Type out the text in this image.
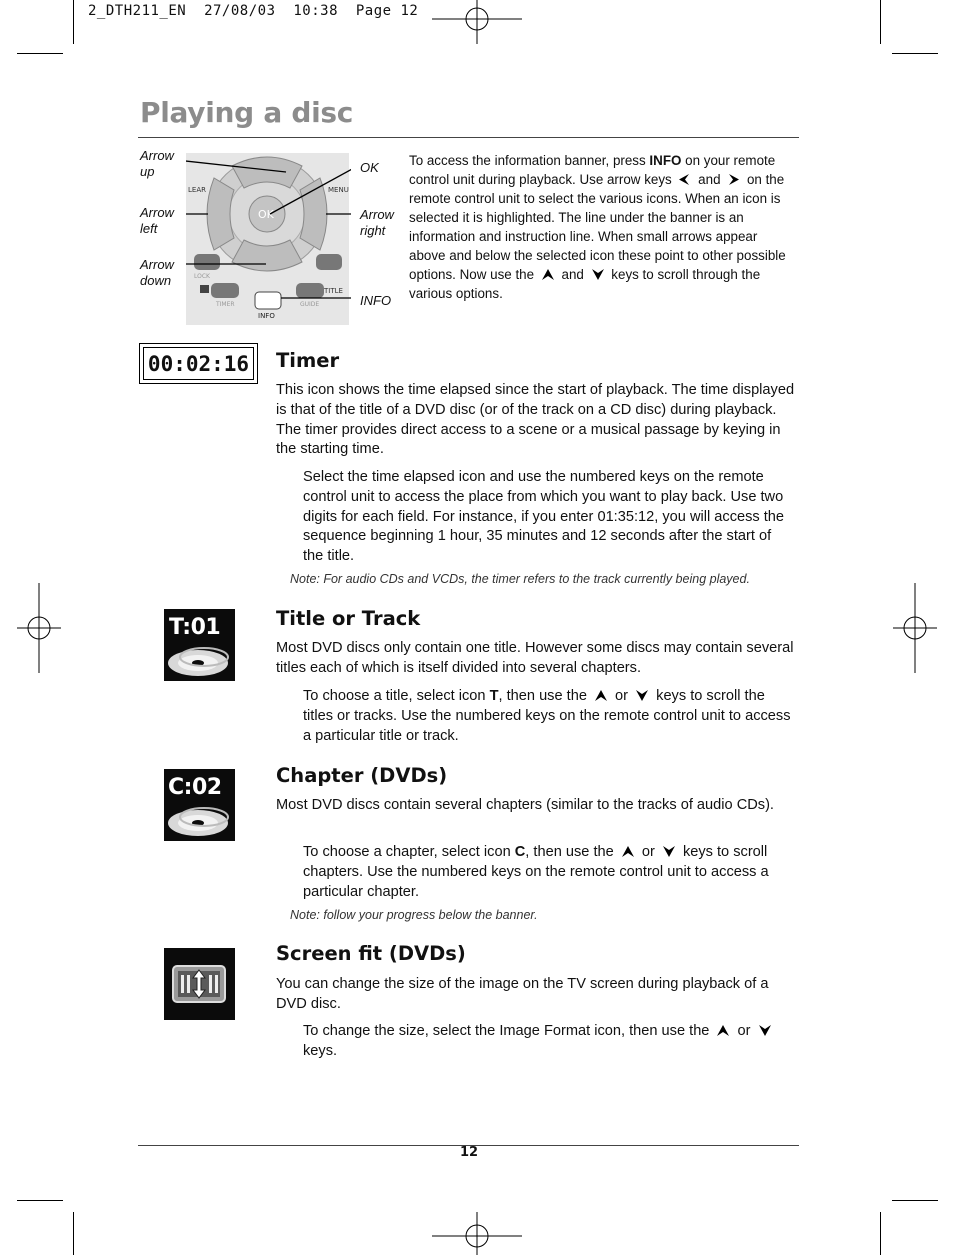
2_DTH211_EN  27/08/03  10:38  Page 12
Playing a disc
OK
LEAR	MENU
LOCK
TIMER	GUIDE
TITLE
INFO
Arrow
up
Arrow
left
Arrow
down
OK
Arrow
right
INFO
To access the information banner, press INFO on your remote control unit during playback. Use arrow keys  and  on the remote control unit to select the various icons. When an icon is selected it is highlighted. The line under the banner is an information and instruction line. When small arrows appear above and below the selected icon these point to other possible options. Now use the  and  keys to scroll through the various options.
00:02:16 Timer
This icon shows the time elapsed since the start of playback. The time displayed is that of the title of a DVD disc (or of the track on a CD disc) during playback. The timer provides direct access to a scene or a musical passage by keying in the starting time.
Select the time elapsed icon and use the numbered keys on the remote control unit to access the place from which you want to play back. Use two digits for each field. For instance, if you enter 01:35:12, you will access the sequence beginning 1 hour, 35 minutes and 12 seconds after the start of the title.
Note: For audio CDs and VCDs, the timer refers to the track currently being played.
T:01	Title or Track
Most DVD discs only contain one title. However some discs may contain several titles each of which is itself divided into several chapters.
To choose a title, select icon T, then use the  or  keys to scroll the titles or tracks. Use the numbered keys on the remote control unit to access a particular title or track.
C:02	Chapter (DVDs)
Most DVD discs contain several chapters (similar to the tracks of audio CDs).
To choose a chapter, select icon C, then use the  or  keys to scroll chapters. Use the numbered keys on the remote control unit to access a particular chapter.
Note: follow your progress below the banner.
Screen fit (DVDs)
You can change the size of the image on the TV screen during playback of a DVD disc.
To change the size, select the Image Format icon, then use the  or  keys.
12
